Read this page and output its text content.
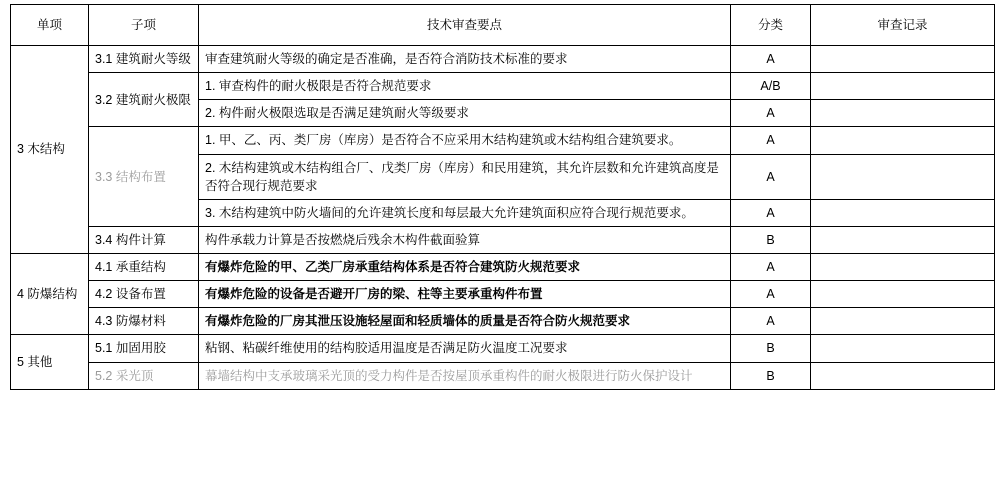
单项	子项	技术审查要点	分类	审查记录
3 木结构	3.1 建筑耐火等级	审查建筑耐火等级的确定是否准确，是否符合消防技术标准的要求	A	
	3.2 建筑耐火极限	1. 审查构件的耐火极限是否符合规范要求	A/B	
		2. 构件耐火极限选取是否满足建筑耐火等级要求	A	
	3.3 结构布置	1. 甲、乙、丙、类厂房（库房）是否符合不应采用木结构建筑或木结构组合建筑要求。	A	
		2. 木结构建筑或木结构组合厂、戊类厂房（库房）和民用建筑，其允许层数和允许建筑高度是否符合现行规范要求	A	
		3. 木结构建筑中防火墙间的允许建筑长度和每层最大允许建筑面积应符合现行规范要求。	A	
	3.4 构件计算	构件承载力计算是否按燃烧后残余木构件截面验算	B	
4 防爆结构	4.1 承重结构	有爆炸危险的甲、乙类厂房承重结构体系是否符合建筑防火规范要求	A	
	4.2 设备布置	有爆炸危险的设备是否避开厂房的梁、柱等主要承重构件布置	A	
	4.3 防爆材料	有爆炸危险的厂房其泄压设施轻屋面和轻质墙体的质量是否符合防火规范要求	A	
5 其他	5.1 加固用胶	粘钢、粘碳纤维使用的结构胶适用温度是否满足防火温度工况要求	B	
	5.2 采光顶	幕墙结构中支承玻璃采光顶的受力构件是否按屋顶承重构件的耐火极限进行防火保护设计	B	
